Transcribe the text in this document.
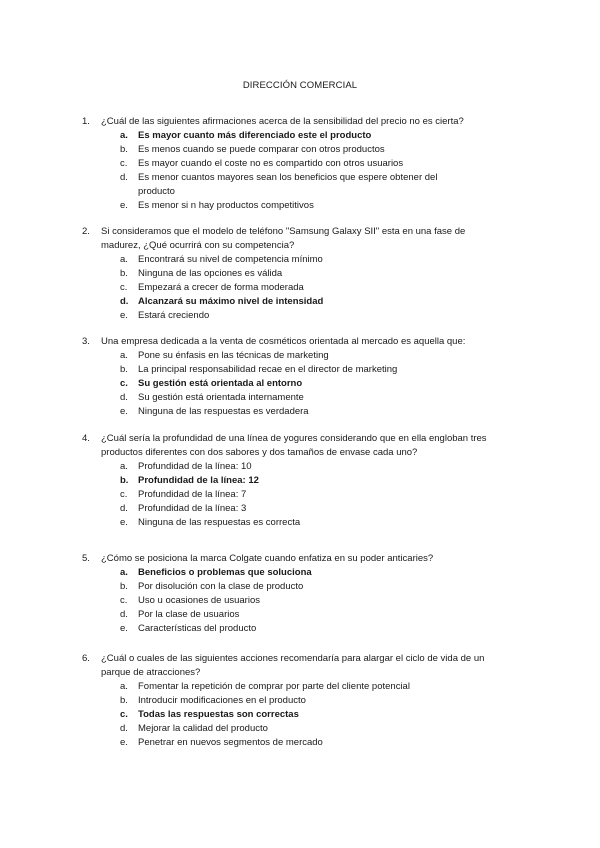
DIRECCIÓN COMERCIAL
1. ¿Cuál de las siguientes afirmaciones acerca de la sensibilidad del precio no es cierta?
a. Es mayor cuanto más diferenciado este el producto
b. Es menos cuando se puede comparar con otros productos
c. Es mayor cuando el coste no es compartido con otros usuarios
d. Es menor cuantos mayores sean los beneficios que espere obtener del producto
e. Es menor si n hay productos competitivos
2. Si consideramos que el modelo de teléfono "Samsung Galaxy SII" esta en una fase de madurez, ¿Qué ocurrirá con su competencia?
a. Encontrará su nivel de competencia mínimo
b. Ninguna de las opciones es válida
c. Empezará a crecer de forma moderada
d. Alcanzará su máximo nivel de intensidad
e. Estará creciendo
3. Una empresa dedicada a la venta de cosméticos orientada al mercado es aquella que:
a. Pone su énfasis en las técnicas de marketing
b. La principal responsabilidad recae en el director de marketing
c. Su gestión está orientada al entorno
d. Su gestión está orientada internamente
e. Ninguna de las respuestas es verdadera
4. ¿Cuál sería la profundidad de una línea de yogures considerando que en ella engloban tres productos diferentes con dos sabores y dos tamaños de envase cada uno?
a. Profundidad de la línea: 10
b. Profundidad de la línea: 12
c. Profundidad de la línea: 7
d. Profundidad de la línea: 3
e. Ninguna de las respuestas es correcta
5. ¿Cómo se posiciona la marca Colgate cuando enfatiza en su poder anticaries?
a. Beneficios o problemas que soluciona
b. Por disolución con la clase de producto
c. Uso u ocasiones de usuarios
d. Por la clase de usuarios
e. Características del producto
6. ¿Cuál o cuales de las siguientes acciones recomendaría para alargar el ciclo de vida de un parque de atracciones?
a. Fomentar la repetición de comprar por parte del cliente potencial
b. Introducir modificaciones en el producto
c. Todas las respuestas son correctas
d. Mejorar la calidad del producto
e. Penetrar en nuevos segmentos de mercado
